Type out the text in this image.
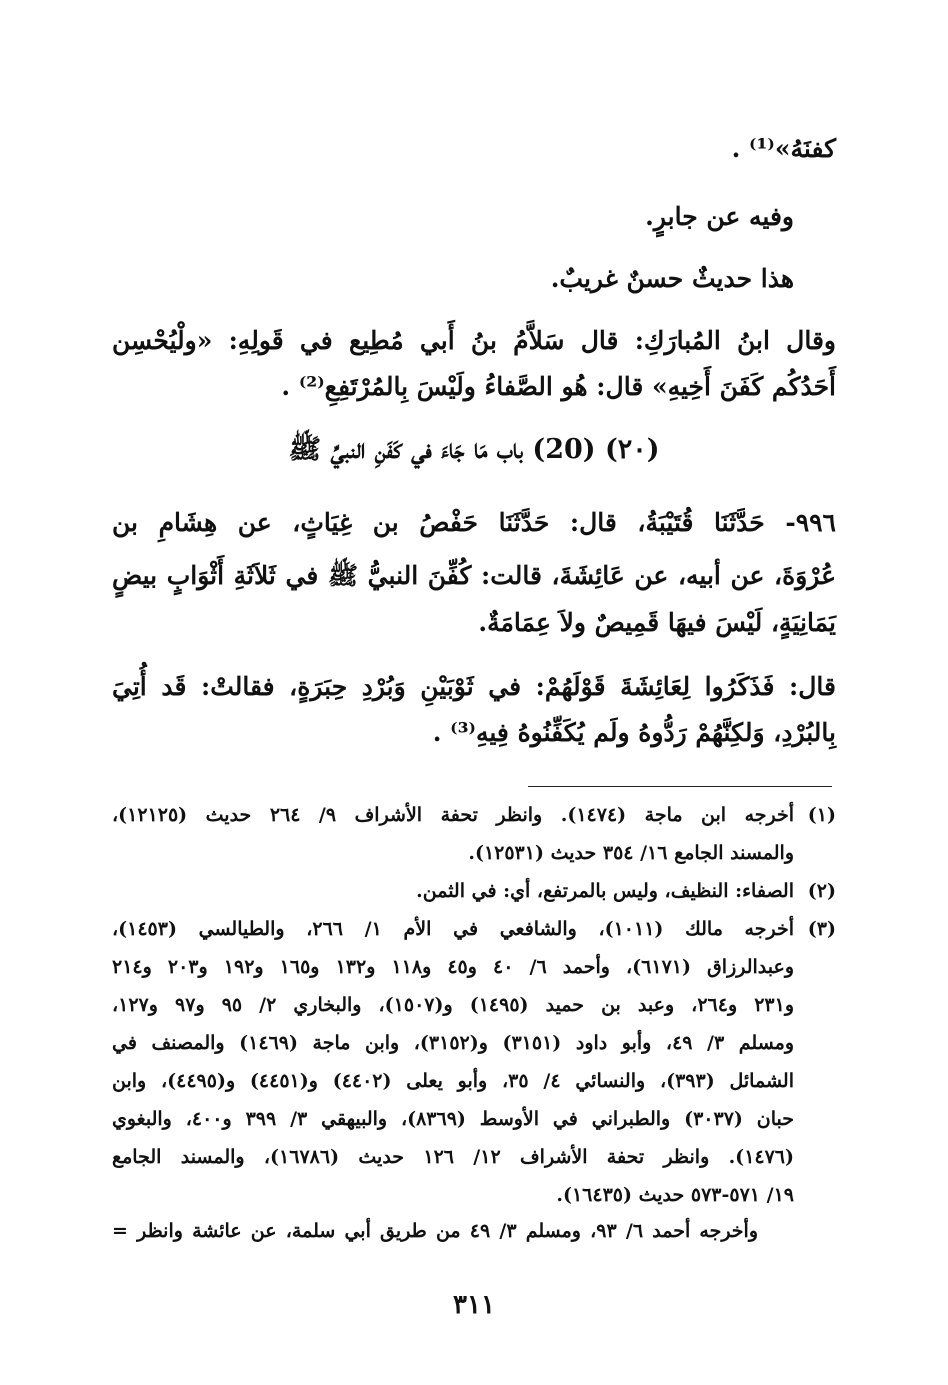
كفنَهُ»⁽¹⁾ .
وفيه عن جابرٍ.
هذا حديثٌ حسنٌ غريبٌ.
وقال ابنُ المُبارَكِ: قال سَلاَّمُ بنُ أَبي مُطِيع في قَولِهِ: «ولْيُحْسِن
أَحَدُكُم كَفَنَ أَخِيهِ» قال: هُو الصَّفاءُ ولَيْسَ بِالمُرْتَفِعِ⁽²⁾ .
(٢٠) (20) باب مَا جَاءَ في كَفَنِ النبيِّ ﷺ
٩٩٦- حَدَّثَنَا قُتَيْبَةُ، قال: حَدَّثَنَا حَفْصُ بن غِيَاثٍ، عن هِشَامِ بن
عُرْوَةَ، عن أبيه، عن عَائِشَةَ، قالت: كُفِّنَ النبيُّ ﷺ في ثَلاَثَةِ أَثْوَابٍ بيضٍ
يَمَانِيَةٍ، لَيْسَ فيهَا قَمِيصٌ ولاَ عِمَامَةٌ.
قال: فَذَكَرُوا لِعَائِشَةَ قَوْلَهُمْ: في ثَوْبَيْنِ وَبُرْدِ حِبَرَةٍ، فقالتْ: قَد أُتِيَ
بِالبُرْدِ، وَلكِنَّهُمْ رَدُّوهُ ولَم يُكَفِّنُوهُ فِيهِ⁽³⁾ .
(١)أخرجه ابن ماجة (١٤٧٤). وانظر تحفة الأشراف ٩/ ٢٦٤ حديث (١٢١٢٥)،
والمسند الجامع ١٦/ ٣٥٤ حديث (١٢٥٣١).
(٢)الصفاء: النظيف، وليس بالمرتفع، أي: في الثمن.
(٣)أخرجه مالك (١٠١١)، والشافعي في الأم ١/ ٢٦٦، والطيالسي (١٤٥٣)،
وعبدالرزاق (٦١٧١)، وأحمد ٦/ ٤٠ و٤٥ و١١٨ و١٣٢ و١٦٥ و١٩٢ و٢٠٣ و٢١٤
و٢٣١ و٢٦٤، وعبد بن حميد (١٤٩٥) و(١٥٠٧)، والبخاري ٢/ ٩٥ و٩٧ و١٢٧،
ومسلم ٣/ ٤٩، وأبو داود (٣١٥١) و(٣١٥٢)، وابن ماجة (١٤٦٩) والمصنف في
الشمائل (٣٩٣)، والنسائي ٤/ ٣٥، وأبو يعلى (٤٤٠٢) و(٤٤٥١) و(٤٤٩٥)، وابن
حبان (٣٠٣٧) والطبراني في الأوسط (٨٣٦٩)، والبيهقي ٣/ ٣٩٩ و٤٠٠، والبغوي
(١٤٧٦). وانظر تحفة الأشراف ١٢/ ١٢٦ حديث (١٦٧٨٦)، والمسند الجامع
١٩/ ٥٧١-٥٧٣ حديث (١٦٤٣٥).
وأخرجه أحمد ٦/ ٩٣، ومسلم ٣/ ٤٩ من طريق أبي سلمة، عن عائشة وانظر =
٣١١
